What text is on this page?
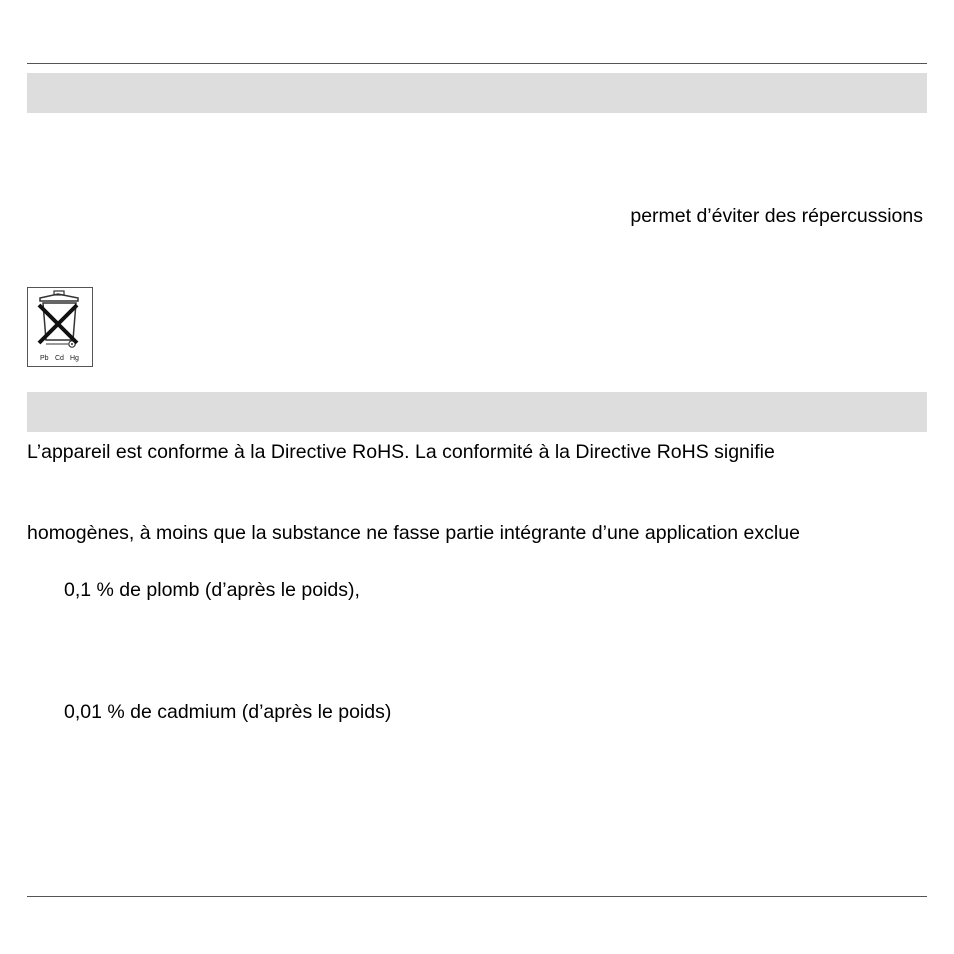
permet d’éviter des répercussions
Pb Cd Hg
L’appareil est conforme à la Directive RoHS. La conformité à la Directive RoHS signifie
homogènes, à moins que la substance ne fasse partie intégrante d’une application exclue
0,1 % de plomb (d’après le poids),
0,01 % de cadmium (d’après le poids)
